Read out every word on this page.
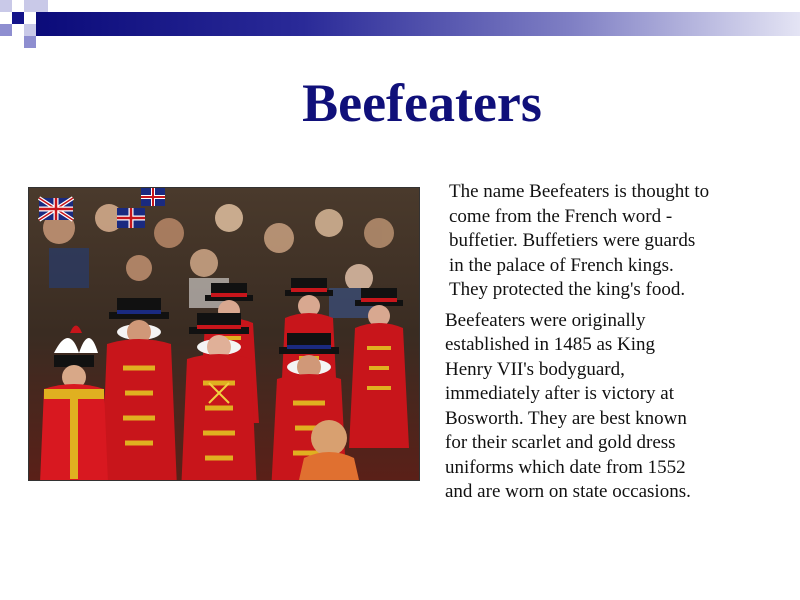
Beefeaters

The name Beefeaters is thought to
come from the French word -
buffetier. Buffetiers were guards
in the palace of French kings.
They protected the king's food.

Beefeaters were originally
established in 1485 as King
Henry VII's bodyguard,
immediately after is victory at
Bosworth. They are best known
for their scarlet and gold dress
uniforms which date from 1552
and are worn on state occasions.
